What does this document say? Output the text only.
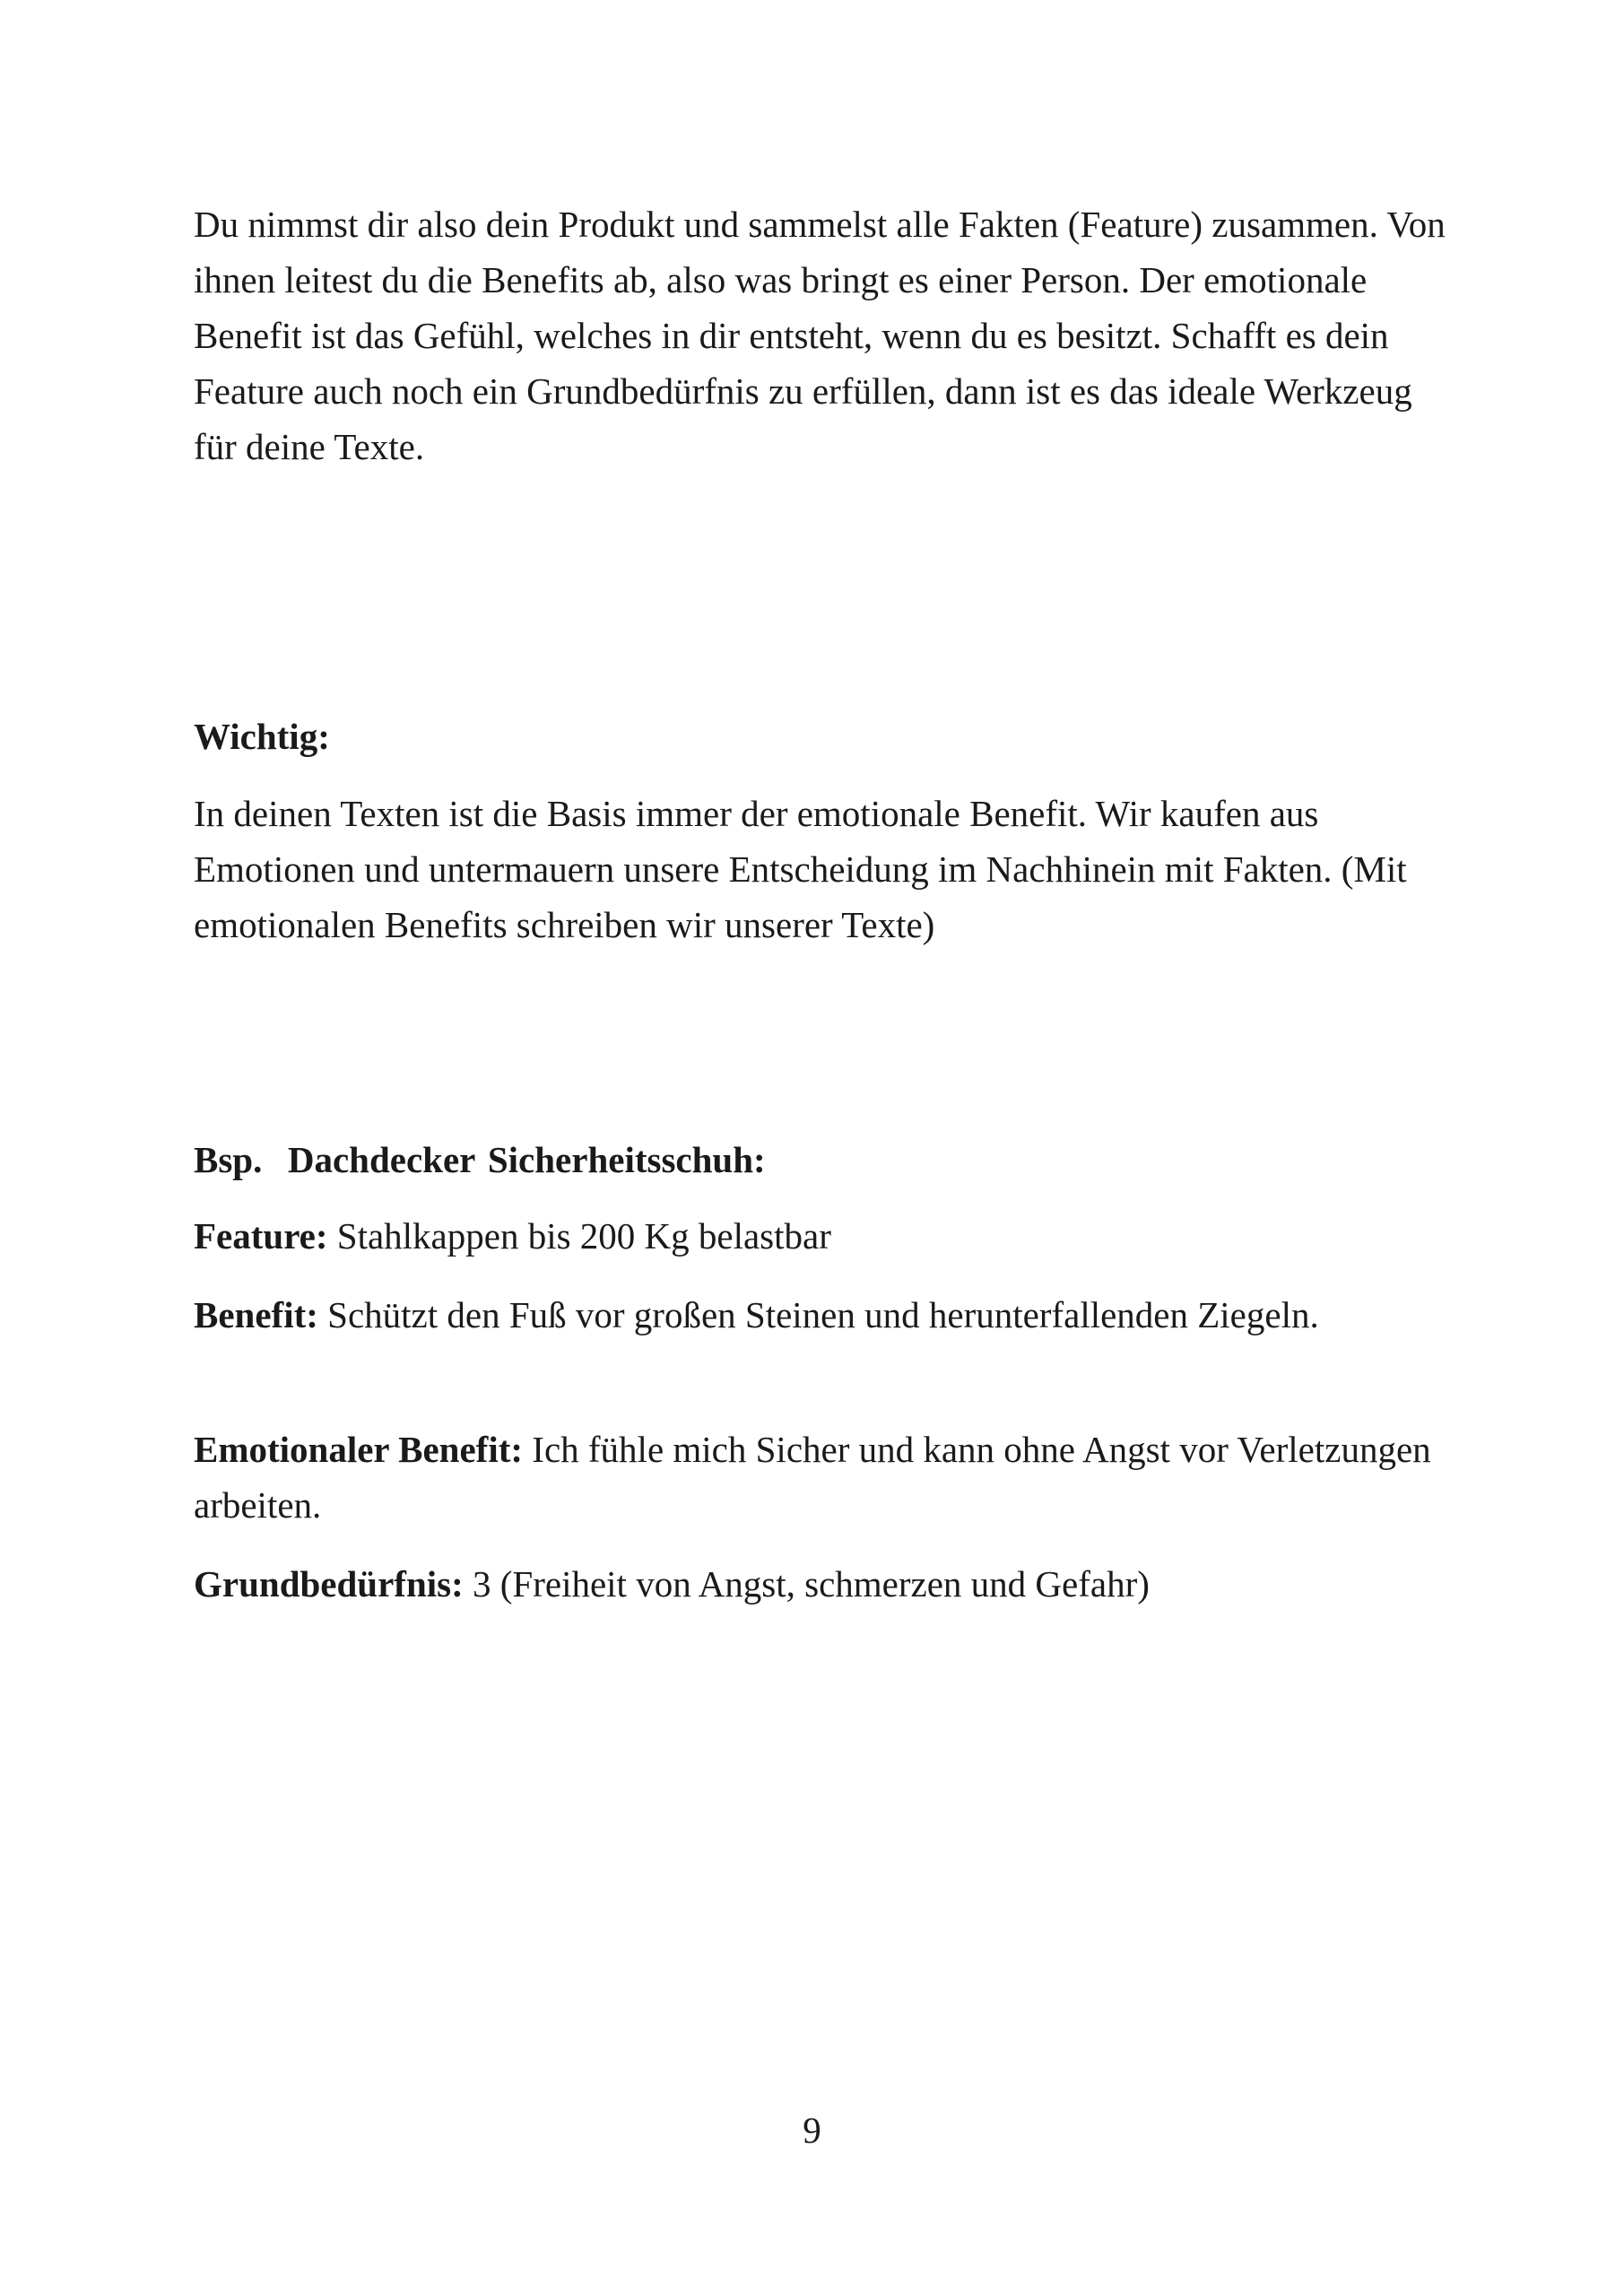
Du nimmst dir also dein Produkt und sammelst alle Fakten (Feature) zusammen. Von ihnen leitest du die Benefits ab, also was bringt es einer Person. Der emotionale Benefit ist das Gefühl, welches in dir entsteht, wenn du es besitzt. Schafft es dein Feature auch noch ein Grundbedürfnis zu erfüllen, dann ist es das ideale Werkzeug für deine Texte.

Wichtig:

In deinen Texten ist die Basis immer der emotionale Benefit. Wir kaufen aus Emotionen und untermauern unsere Entscheidung im Nachhinein mit Fakten. (Mit emotionalen Benefits schreiben wir unserer Texte)

Bsp.  Dachdecker Sicherheitsschuh:
Feature: Stahlkappen bis 200 Kg belastbar
Benefit: Schützt den Fuß vor großen Steinen und herunterfallenden Ziegeln.
Emotionaler Benefit: Ich fühle mich Sicher und kann ohne Angst vor Verletzungen arbeiten.
Grundbedürfnis: 3 (Freiheit von Angst, schmerzen und Gefahr)
9
